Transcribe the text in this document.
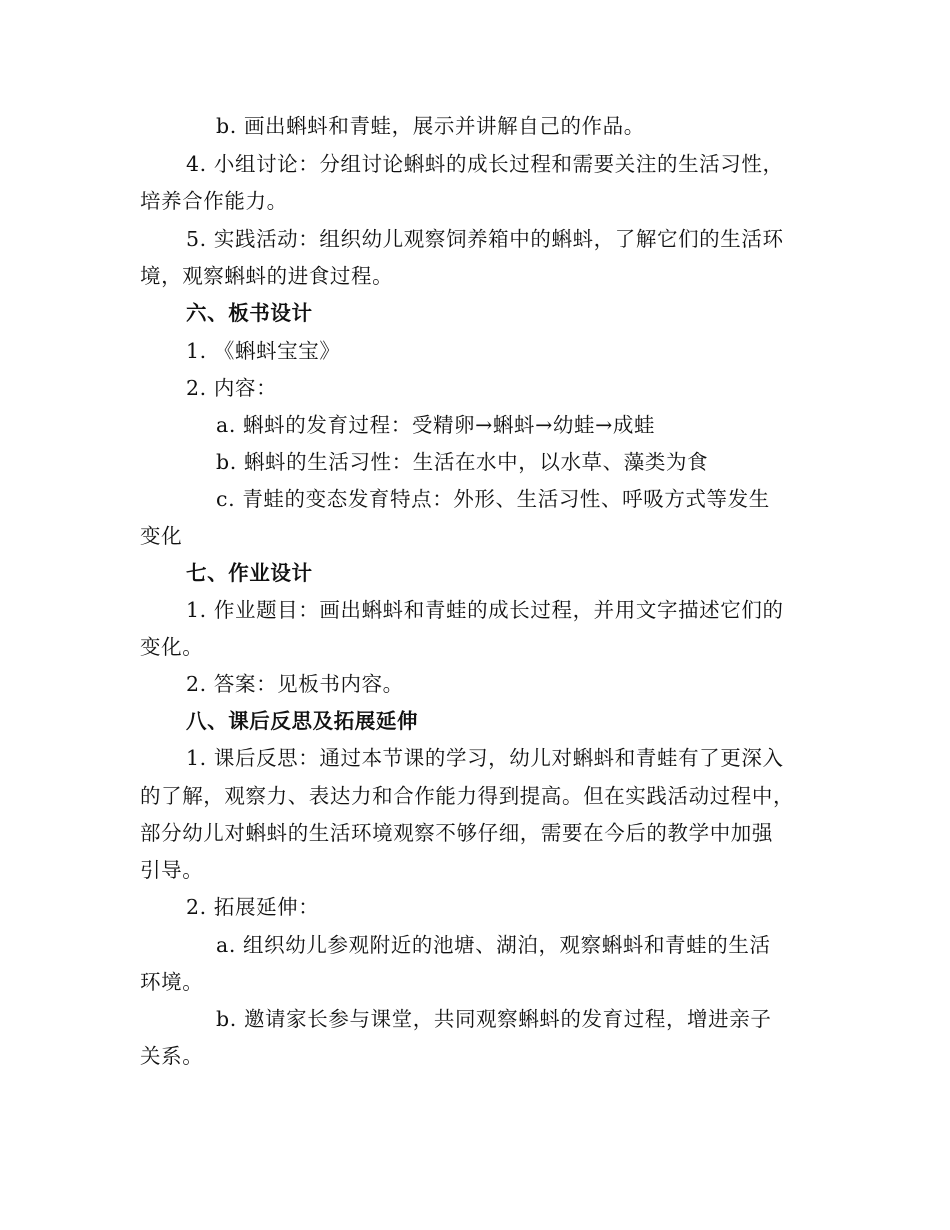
b. 画出蝌蚪和青蛙，展示并讲解自己的作品。
4. 小组讨论：分组讨论蝌蚪的成长过程和需要关注的生活习性，
培养合作能力。
5. 实践活动：组织幼儿观察饲养箱中的蝌蚪，了解它们的生活环
境，观察蝌蚪的进食过程。
六、板书设计
1. 《蝌蚪宝宝》
2. 内容：
a. 蝌蚪的发育过程：受精卵→蝌蚪→幼蛙→成蛙
b. 蝌蚪的生活习性：生活在水中，以水草、藻类为食
c. 青蛙的变态发育特点：外形、生活习性、呼吸方式等发生
变化
七、作业设计
1. 作业题目：画出蝌蚪和青蛙的成长过程，并用文字描述它们的
变化。
2. 答案：见板书内容。
八、课后反思及拓展延伸
1. 课后反思：通过本节课的学习，幼儿对蝌蚪和青蛙有了更深入
的了解，观察力、表达力和合作能力得到提高。但在实践活动过程中，
部分幼儿对蝌蚪的生活环境观察不够仔细，需要在今后的教学中加强
引导。
2. 拓展延伸：
a. 组织幼儿参观附近的池塘、湖泊，观察蝌蚪和青蛙的生活
环境。
b. 邀请家长参与课堂，共同观察蝌蚪的发育过程，增进亲子
关系。
